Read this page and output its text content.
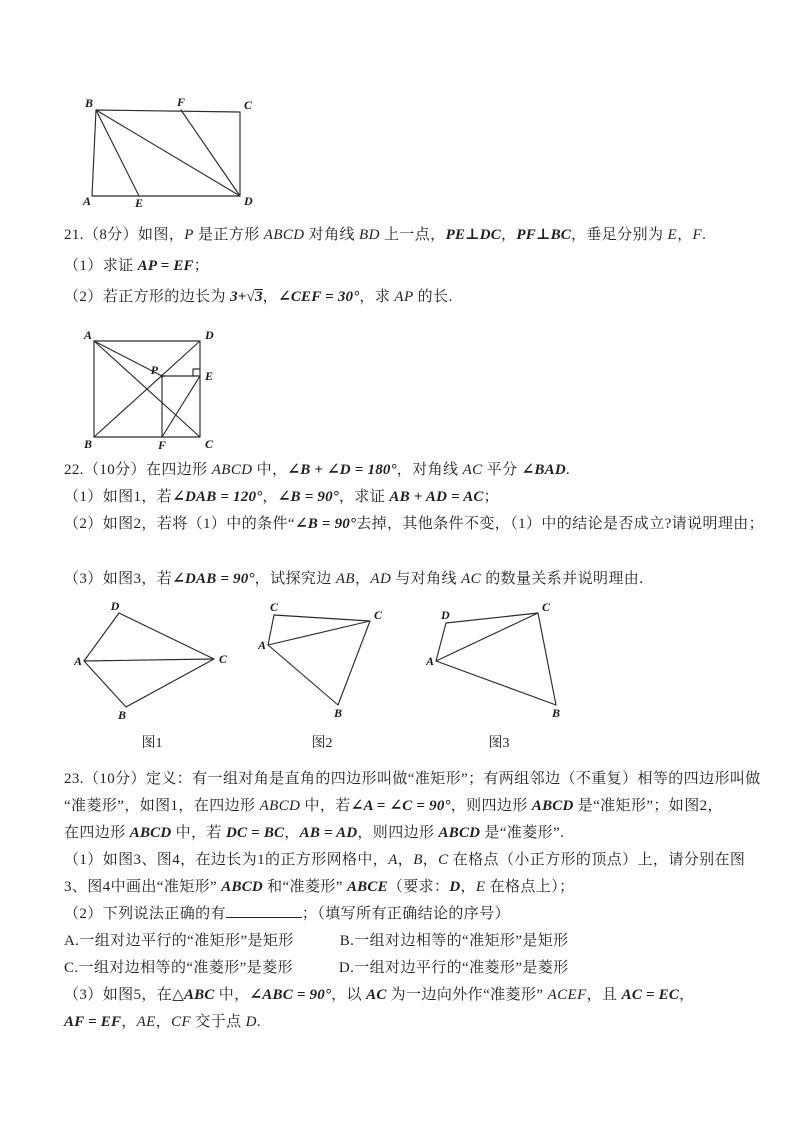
B	F	C
A	E	D
21.（8分）如图，P 是正方形 ABCD 对角线 BD 上一点，PE⊥DC，PF⊥BC，垂足分别为 E，F.
（1）求证 AP = EF；
（2）若正方形的边长为 3+√3，∠CEF = 30°，求 AP 的长.
A	D
P	E
B	F	C
22.（10分）在四边形 ABCD 中，∠B + ∠D = 180°，对角线 AC 平分 ∠BAD.
（1）如图1，若∠DAB = 120°，∠B = 90°，求证 AB + AD = AC；
（2）如图2，若将（1）中的条件“∠B = 90°去掉，其他条件不变，（1）中的结论是否成立?请说明理由；
（3）如图3，若∠DAB = 90°，试探究边 AB，AD 与对角线 AC 的数量关系并说明理由.
D
A	C
B
图1
C
C
A
B
图2
D
C
A
B
图3
23.（10分）定义：有一组对角是直角的四边形叫做“准矩形”；有两组邻边（不重复）相等的四边形叫做
“准菱形”，如图1，在四边形 ABCD 中，若∠A = ∠C = 90°，则四边形 ABCD 是“准矩形”；如图2，
在四边形 ABCD 中，若 DC = BC，AB = AD，则四边形 ABCD 是“准菱形”.
（1）如图3、图4，在边长为1的正方形网格中，A，B，C 在格点（小正方形的顶点）上，请分别在图
3、图4中画出“准矩形” ABCD 和“准菱形” ABCE（要求：D，E 在格点上）；
（2）下列说法正确的有	；（填写所有正确结论的序号）
A.一组对边平行的“准矩形”是矩形	B.一组对边相等的“准矩形”是矩形
C.一组对边相等的“准菱形”是菱形	D.一组对边平行的“准菱形”是菱形
（3）如图5，在△ABC 中，∠ABC = 90°，以 AC 为一边向外作“准菱形” ACEF，且 AC = EC，
AF = EF，AE，CF 交于点 D.
